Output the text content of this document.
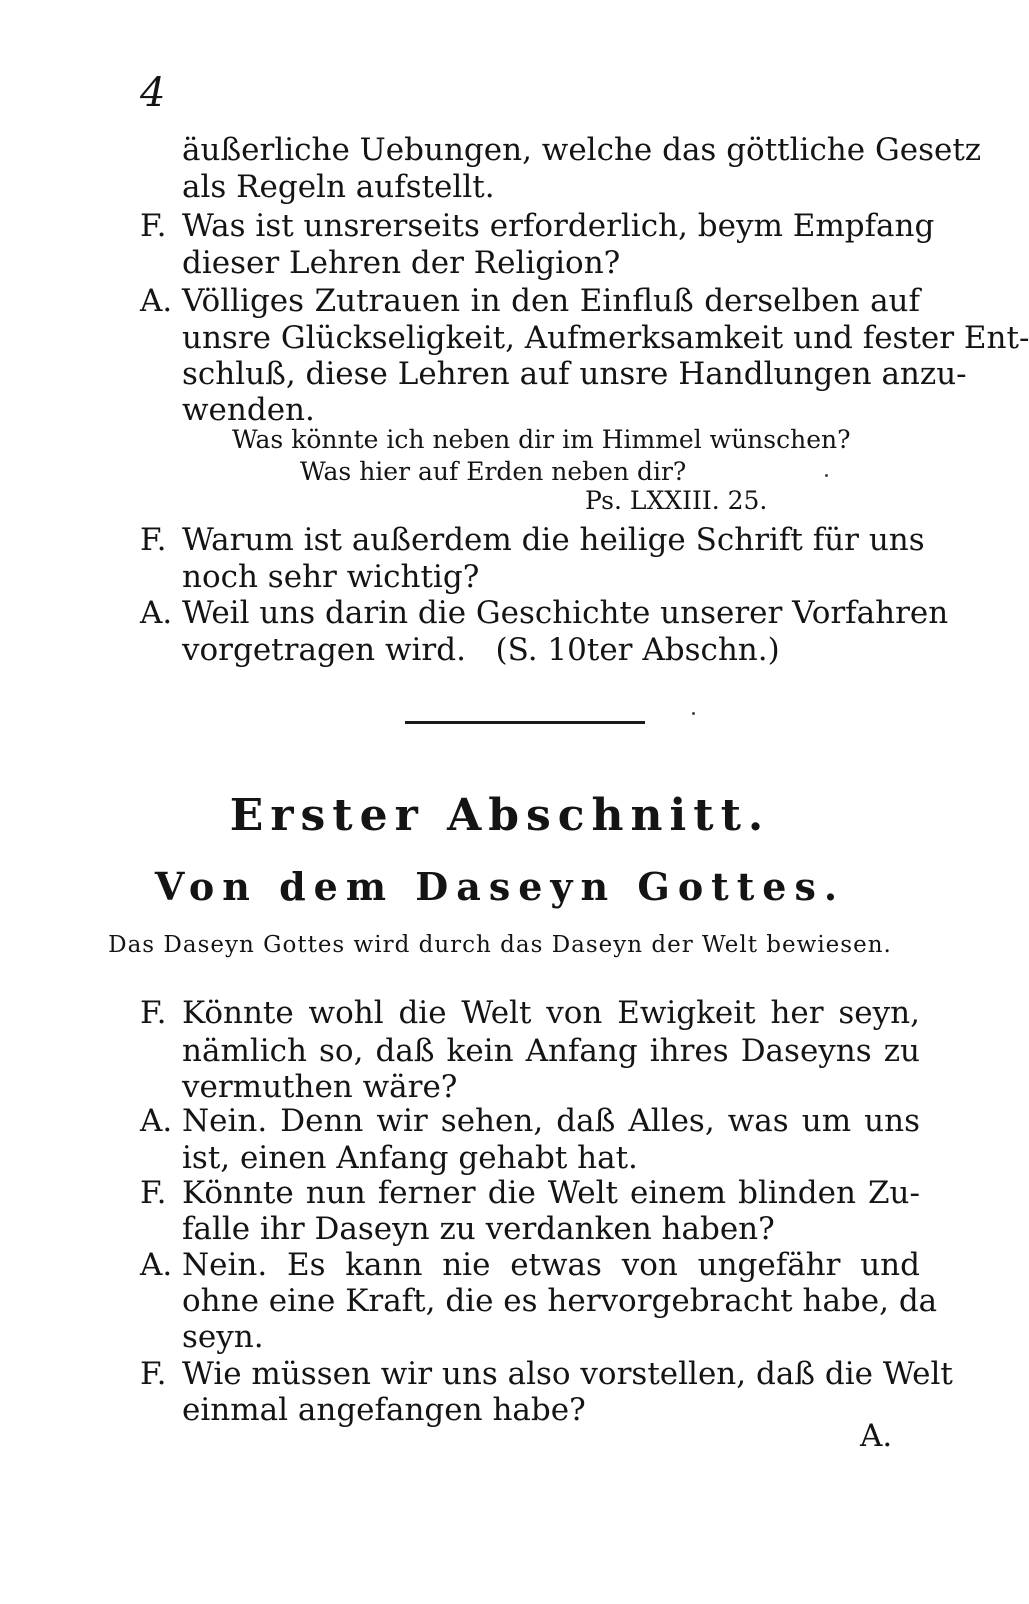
4
äußerliche Uebungen, welche das göttliche Gesetz
als Regeln aufstellt.
F. Was ist unsrerseits erforderlich, beym Empfang
dieser Lehren der Religion?
A. Völliges Zutrauen in den Einfluß derselben auf
unsre Glückseligkeit, Aufmerksamkeit und fester Ent-
schluß, diese Lehren auf unsre Handlungen anzu-
wenden.
Was könnte ich neben dir im Himmel wünschen?
Was hier auf Erden neben dir?
Ps. LXXIII. 25.
F. Warum ist außerdem die heilige Schrift für uns
noch sehr wichtig?
A. Weil uns darin die Geschichte unserer Vorfahren
vorgetragen wird.   (S. 10ter Abschn.)
Erster Abschnitt.
Von dem Daseyn Gottes.
Das Daseyn Gottes wird durch das Daseyn der Welt bewiesen.
F. Könnte wohl die Welt von Ewigkeit her seyn,
nämlich so, daß kein Anfang ihres Daseyns zu
vermuthen wäre?
A. Nein. Denn wir sehen, daß Alles, was um uns
ist, einen Anfang gehabt hat.
F. Könnte nun ferner die Welt einem blinden Zu-
falle ihr Daseyn zu verdanken haben?
A. Nein. Es kann nie etwas von ungefähr und
ohne eine Kraft, die es hervorgebracht habe, da
seyn.
F. Wie müssen wir uns also vorstellen, daß die Welt
einmal angefangen habe?
A.
